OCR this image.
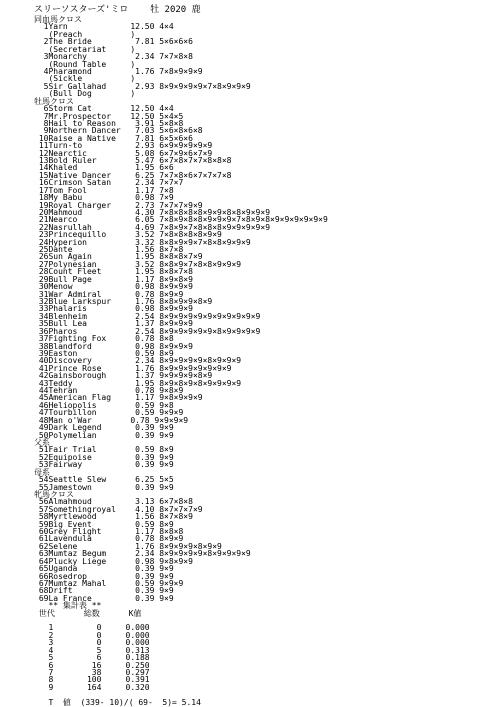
スリーソスターズ'ミロ    牡 2020 鹿
同血馬クロス
1Yarn             12.50 4×4
(Preach          )
2The Bride         7.81 5×6×6×6
(Secretariat     )
3Monarchy          2.34 7×7×8×8
(Round Table     )
4Pharamond         1.76 7×8×9×9×9
(Sickle          )
5Sir Gallahad      2.93 8×9×9×9×9×7×8×9×9×9
(Bull Dog        )
牡馬クロス
6Storm Cat        12.50 4×4
7Mr.Prospector    12.50 5×4×5
8Hail to Reason    3.91 5×8×8
9Northern Dancer   7.03 5×6×8×6×8
10Raise a Native    7.81 6×5×6×6
11Turn-to           2.93 6×9×9×9×9×9
12Nearctic          5.08 6×7×9×6×7×9
13Bold Ruler        5.47 6×7×8×7×7×8×8×8
14Khaled            1.95 6×6
15Native Dancer     6.25 7×7×8×6×7×7×7×8
16Crimson Satan     2.34 7×7×7
17Tom Fool          1.17 7×8
18My Babu           0.98 7×9
19Royal Charger     2.73 7×7×7×9×9
20Mahmoud           4.30 7×8×8×8×8×9×9×8×8×9×9×9
21Nearco            6.05 7×8×9×8×8×9×9×9×7×8×9×8×9×9×9×9×9×9
22Nasrullah         4.69 7×8×9×7×8×8×8×9×9×9×9×9
23Princequillo      3.52 7×8×8×8×8×9×9
24Hyperion          3.32 8×8×9×9×7×8×8×9×9×9
25Dante             1.56 8×7×8
26Sun Again         1.95 8×8×8×7×9
27Polynesian        3.52 8×8×9×7×8×8×9×9×9
28Count Fleet       1.95 8×8×7×8
29Bull Page         1.17 8×9×8×9
30Menow             0.98 8×9×9×9
31War Admiral       0.78 8×9×9
32Blue Larkspur     1.76 8×8×9×9×8×9
33Phalaris          0.98 8×9×9×9
34Blenheim          2.54 8×9×9×9×9×9×9×9×9×9×9
35Bull Lea          1.37 8×9×9×9
36Pharos            2.54 8×9×9×9×9×9×8×9×9×9×9
37Fighting Fox      0.78 8×8
38Blandford         0.98 8×9×9×9
39Easton            0.59 8×9
40Discovery         2.34 8×9×9×9×9×8×9×9×9
41Prince Rose       1.76 8×9×9×9×9×9×9×9
42Gainsborough      1.37 9×9×9×9×8×9
43Teddy             1.95 8×9×8×9×8×9×9×9×9
44Tehran            0.78 9×8×9
45American Flag     1.17 9×8×9×9×9
46Heliopolis        0.59 9×8
47Tourbillon        0.59 9×9×9
48Man o'War        0.78 9×9×9×9
49Dark Legend       0.39 9×9
50Polymelian        0.39 9×9
父系
51Fair Trial        0.59 8×9
52Equipoise         0.39 9×9
53Fairway           0.39 9×9
母系
54Seattle Slew      6.25 5×5
55Jamestown         0.39 9×9
牝馬クロス
56Almahmoud         3.13 6×7×8×8
57Somethingroyal    4.10 8×7×7×7×9
58Myrtlewood        1.56 8×7×8×9
59Big Event         0.59 8×9
60Grey Flight       1.17 8×8×8
61Lavendula         0.78 8×9×9
62Selene            1.76 8×9×9×9×8×9×9
63Mumtaz Begum      2.34 8×9×9×9×9×8×9×9×9×9
64Plucky Liege      0.98 9×8×9×9
65Uganda            0.39 9×9
66Rosedrop          0.39 9×9
67Mumtaz Mahal      0.59 9×9×9
68Drift             0.39 9×9
69La France         0.39 9×9
** 集計表 **
世代      総数      K値
1         0     0.000
2         0     0.000
3         0     0.000
4         5     0.313
5         6     0.188
6        16     0.250
7        38     0.297
8       100     0.391
9       164     0.320
T  値  (339- 10)/( 69-  5)= 5.14
